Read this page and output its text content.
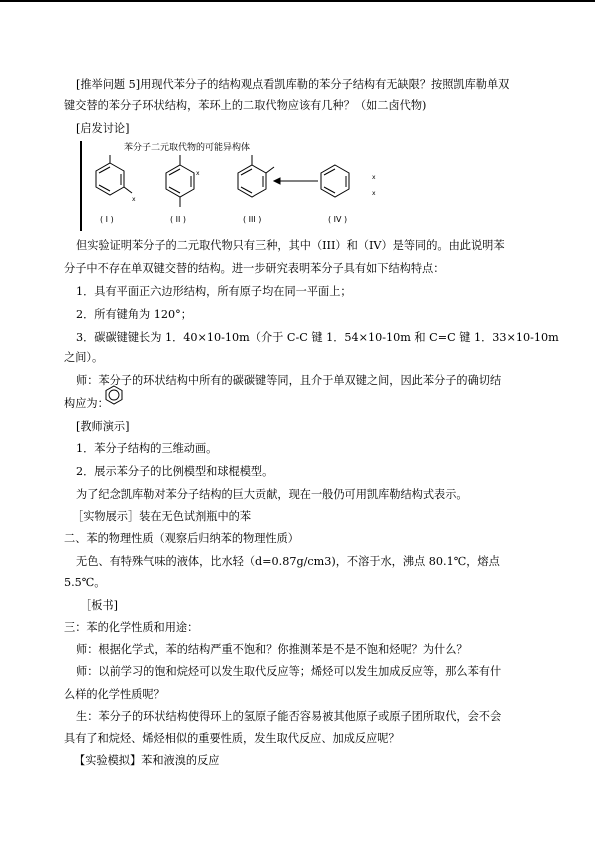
[推举问题 5]用现代苯分子的结构观点看凯库勒的苯分子结构有无缺限？按照凯库勒单双
键交替的苯分子环状结构，苯环上的二取代物应该有几种？（如二卤代物)
[启发讨论]
苯分子二元取代物的可能异构体
x
x
x
x
( I )	( II )	( III )	( IV )
但实验证明苯分子的二元取代物只有三种，其中（III）和（IV）是等同的。由此说明苯
分子中不存在单双键交替的结构。进一步研究表明苯分子具有如下结构特点：
1．具有平面正六边形结构，所有原子均在同一平面上；
2．所有键角为 120°；
3．碳碳键键长为 1．40×10-10m（介于 C-C 键 1．54×10-10m 和 C=C 键 1．33×10-10m
之间）。
师：苯分子的环状结构中所有的碳碳键等同，且介于单双键之间，因此苯分子的确切结
构应为：
[教师演示]
1．苯分子结构的三维动画。
2．展示苯分子的比例模型和球棍模型。
为了纪念凯库勒对苯分子结构的巨大贡献，现在一般仍可用凯库勒结构式表示。
［实物展示］装在无色试剂瓶中的苯
二、苯的物理性质（观察后归纳苯的物理性质）
无色、有特殊气味的液体，比水轻（d=0.87g/cm3)，不溶于水，沸点 80.1℃，熔点
5.5℃。
［板书]
三：苯的化学性质和用途：
师：根据化学式，苯的结构严重不饱和？你推测苯是不是不饱和烃呢？为什么？
师：以前学习的饱和烷烃可以发生取代反应等；烯烃可以发生加成反应等，那么苯有什
么样的化学性质呢？
生：苯分子的环状结构使得环上的氢原子能否容易被其他原子或原子团所取代，会不会
具有了和烷烃、烯烃相似的重要性质，发生取代反应、加成反应呢？
【实验模拟】苯和液溴的反应
